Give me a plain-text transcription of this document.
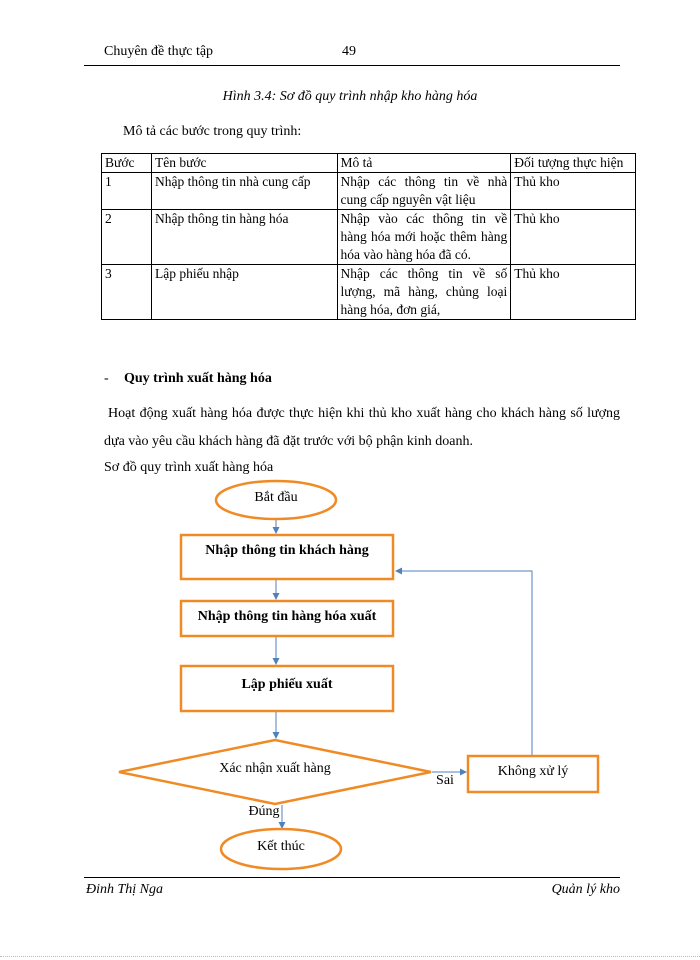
Chuyên đề thực tập	49
Hình 3.4: Sơ đồ quy trình nhập kho hàng hóa
Mô tả các bước trong quy trình:
Bước	Tên bước	Mô tả	Đối tượng thực hiện
1	Nhập thông tin nhà cung cấp	Nhập các thông tin về nhà cung cấp nguyên vật liệu	Thủ kho
2	Nhập thông tin hàng hóa	Nhập vào các thông tin về hàng hóa mới hoặc thêm hàng hóa vào hàng hóa đã có.	Thủ kho
3	Lập phiếu nhập	Nhập các thông tin về số lượng, mã hàng, chủng loại hàng hóa, đơn giá,	Thủ kho
- Quy trình xuất hàng hóa
Hoạt động xuất hàng hóa được thực hiện khi thủ kho xuất hàng cho khách hàng số lượng dựa vào yêu cầu khách hàng đã đặt trước với bộ phận kinh doanh.
Sơ đồ quy trình xuất hàng hóa
Bắt đầu
Nhập thông tin khách hàng
Nhập thông tin hàng hóa xuất
Lập phiếu xuất
Xác nhận xuất hàng
Sai
Đúng
Không xử lý
Kết thúc
Đinh Thị Nga	Quản lý kho
